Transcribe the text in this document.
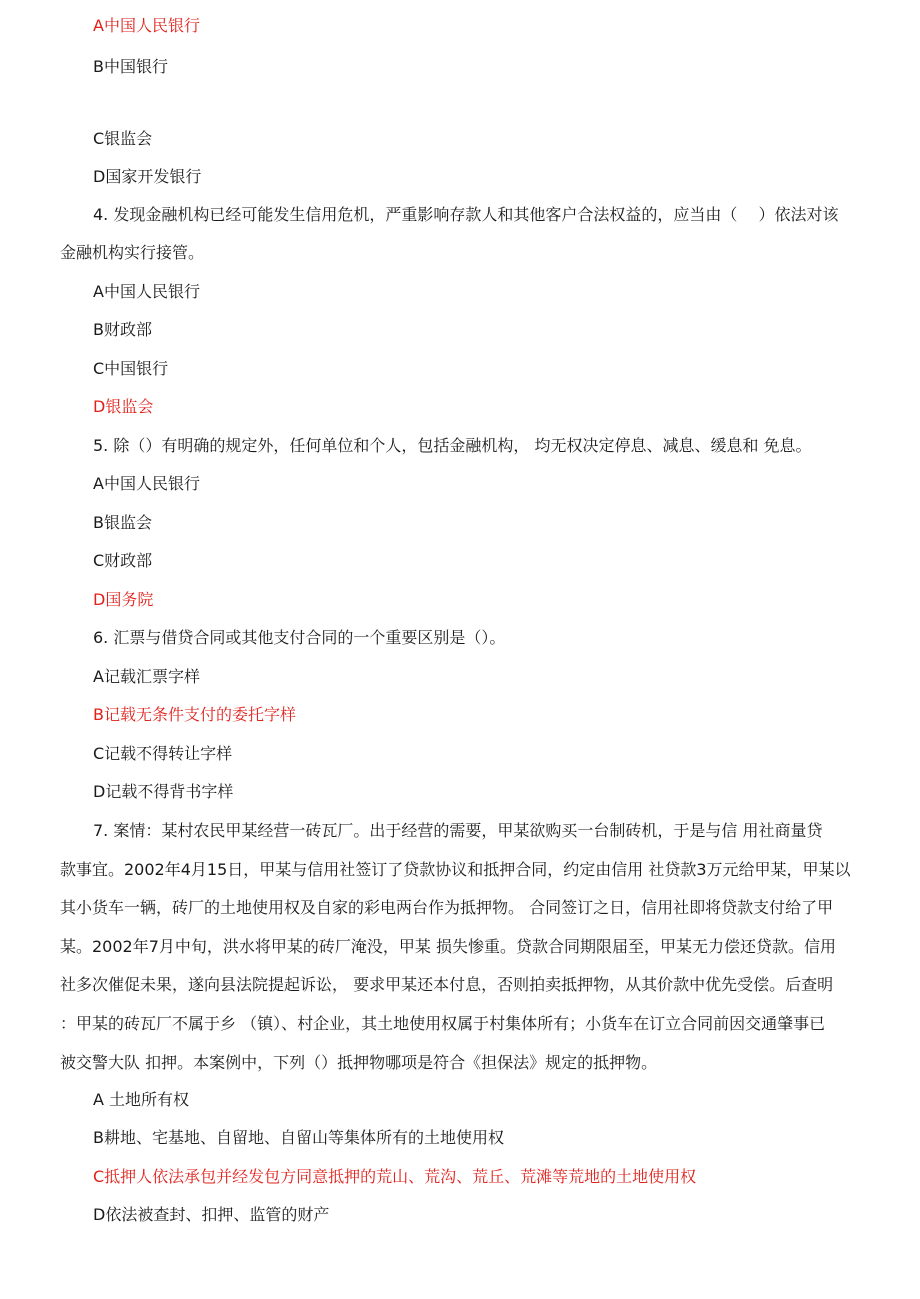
A中国人民银行
B中国银行
C银监会
D国家开发银行
4. 发现金融机构已经可能发生信用危机，严重影响存款人和其他客户合法权益的，应当由（　 ）依法对该
金融机构实行接管。
A中国人民银行
B财政部
C中国银行
D银监会
5. 除（）有明确的规定外，任何单位和个人，包括金融机构， 均无权决定停息、减息、缓息和 免息。
A中国人民银行
B银监会
C财政部
D国务院
6. 汇票与借贷合同或其他支付合同的一个重要区别是（）。
A记载汇票字样
B记载无条件支付的委托字样
C记载不得转让字样
D记载不得背书字样
7. 案情：某村农民甲某经营一砖瓦厂。出于经营的需要，甲某欲购买一台制砖机，于是与信 用社商量贷
款事宜。2002年4月15日，甲某与信用社签订了贷款协议和抵押合同，约定由信用 社贷款3万元给甲某，甲某以
其小货车一辆，砖厂的土地使用权及自家的彩电两台作为抵押物。 合同签订之日，信用社即将贷款支付给了甲
某。2002年7月中旬，洪水将甲某的砖厂淹没，甲某 损失惨重。贷款合同期限届至，甲某无力偿还贷款。信用
社多次催促未果，遂向县法院提起诉讼， 要求甲某还本付息，否则拍卖抵押物，从其价款中优先受偿。后查明
：甲某的砖瓦厂不属于乡 （镇）、村企业，其土地使用权属于村集体所有；小货车在订立合同前因交通肇事已
被交警大队 扣押。本案例中，下列（）抵押物哪项是符合《担保法》规定的抵押物。
A 土地所有权
B耕地、宅基地、自留地、自留山等集体所有的土地使用权
C抵押人依法承包并经发包方同意抵押的荒山、荒沟、荒丘、荒滩等荒地的土地使用权
D依法被查封、扣押、监管的财产
